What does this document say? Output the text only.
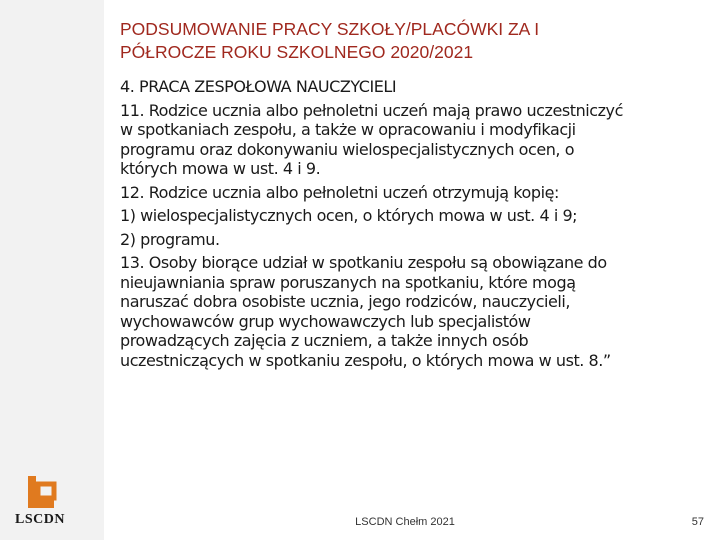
PODSUMOWANIE PRACY SZKOŁY/PLACÓWKI ZA I
PÓŁROCZE ROKU SZKOLNEGO 2020/2021
4. PRACA ZESPOŁOWA NAUCZYCIELI
11. Rodzice ucznia albo pełnoletni uczeń mają prawo uczestniczyć
w spotkaniach zespołu, a także w opracowaniu i modyfikacji
programu oraz dokonywaniu wielospecjalistycznych ocen, o
których mowa w ust. 4 i 9.
12. Rodzice ucznia albo pełnoletni uczeń otrzymują kopię:
1) wielospecjalistycznych ocen, o których mowa w ust. 4 i 9;
2) programu.
13. Osoby biorące udział w spotkaniu zespołu są obowiązane do
nieujawniania spraw poruszanych na spotkaniu, które mogą
naruszać dobra osobiste ucznia, jego rodziców, nauczycieli,
wychowawców grup wychowawczych lub specjalistów
prowadzących zajęcia z uczniem, a także innych osób
uczestniczących w spotkaniu zespołu, o których mowa w ust. 8.”
LSCDN	LSCDN Chełm 2021	57
